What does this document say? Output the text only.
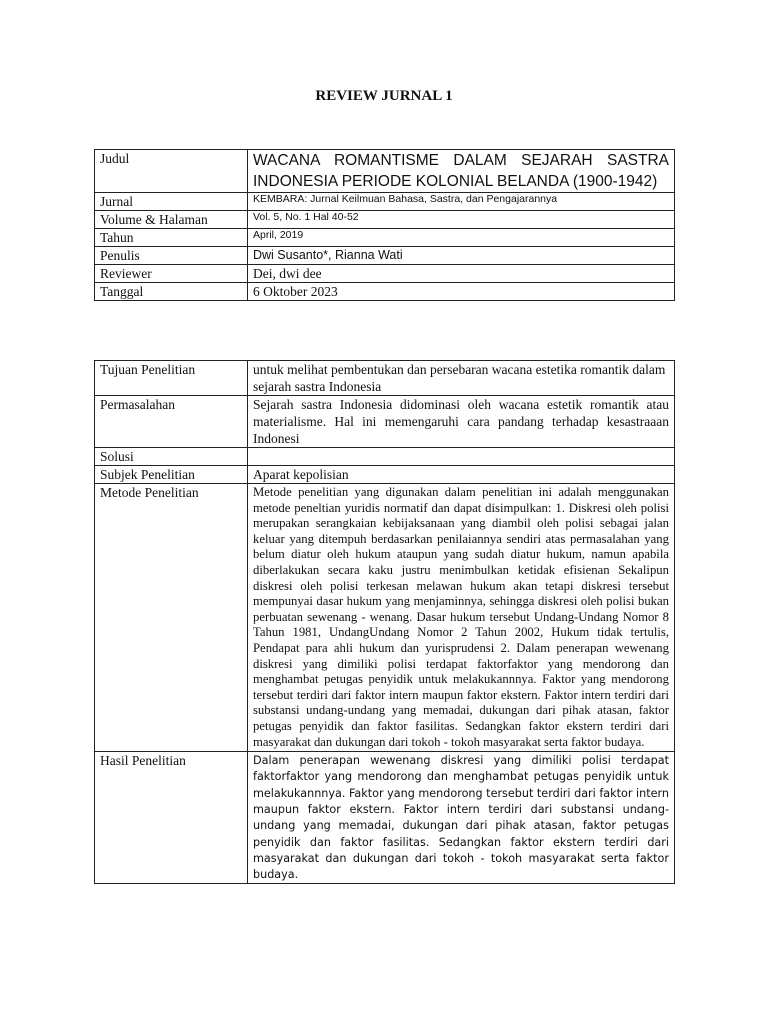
REVIEW JURNAL 1
Judul	WACANA ROMANTISME DALAM SEJARAH SASTRA INDONESIA PERIODE KOLONIAL BELANDA (1900-1942)
Jurnal	KEMBARA: Jurnal Keilmuan Bahasa, Sastra, dan Pengajarannya
Volume & Halaman	Vol. 5, No. 1 Hal 40-52
Tahun	April, 2019
Penulis	Dwi Susanto*, Rianna Wati
Reviewer	Dei, dwi dee
Tanggal	6 Oktober 2023
Tujuan Penelitian	untuk melihat pembentukan dan persebaran wacana estetika romantik dalam sejarah sastra Indonesia
Permasalahan	Sejarah sastra Indonesia didominasi oleh wacana estetik romantik atau materialisme. Hal ini memengaruhi cara pandang terhadap kesastraaan Indonesi
Solusi	
Subjek Penelitian	Aparat kepolisian
Metode Penelitian	Metode penelitian yang digunakan dalam penelitian ini adalah menggunakan metode peneltian yuridis normatif dan dapat disimpulkan: 1. Diskresi oleh polisi merupakan serangkaian kebijaksanaan yang diambil oleh polisi sebagai jalan keluar yang ditempuh berdasarkan penilaiannya sendiri atas permasalahan yang belum diatur oleh hukum ataupun yang sudah diatur hukum, namun apabila diberlakukan secara kaku justru menimbulkan ketidak efisienan Sekalipun diskresi oleh polisi terkesan melawan hukum akan tetapi diskresi tersebut mempunyai dasar hukum yang menjaminnya, sehingga diskresi oleh polisi bukan perbuatan sewenang - wenang. Dasar hukum tersebut Undang-Undang Nomor 8 Tahun 1981, UndangUndang Nomor 2 Tahun 2002, Hukum tidak tertulis, Pendapat para ahli hukum dan yurisprudensi 2. Dalam penerapan wewenang diskresi yang dimiliki polisi terdapat faktorfaktor yang mendorong dan menghambat petugas penyidik untuk melakukannnya. Faktor yang mendorong tersebut terdiri dari faktor intern maupun faktor ekstern. Faktor intern terdiri dari substansi undang-undang yang memadai, dukungan dari pihak atasan, faktor petugas penyidik dan faktor fasilitas. Sedangkan faktor ekstern terdiri dari masyarakat dan dukungan dari tokoh - tokoh masyarakat serta faktor budaya.
Hasil Penelitian	Dalam penerapan wewenang diskresi yang dimiliki polisi terdapat faktorfaktor yang mendorong dan menghambat petugas penyidik untuk melakukannnya. Faktor yang mendorong tersebut terdiri dari faktor intern maupun faktor ekstern. Faktor intern terdiri dari substansi undang-undang yang memadai, dukungan dari pihak atasan, faktor petugas penyidik dan faktor fasilitas. Sedangkan faktor ekstern terdiri dari masyarakat dan dukungan dari tokoh - tokoh masyarakat serta faktor budaya.
